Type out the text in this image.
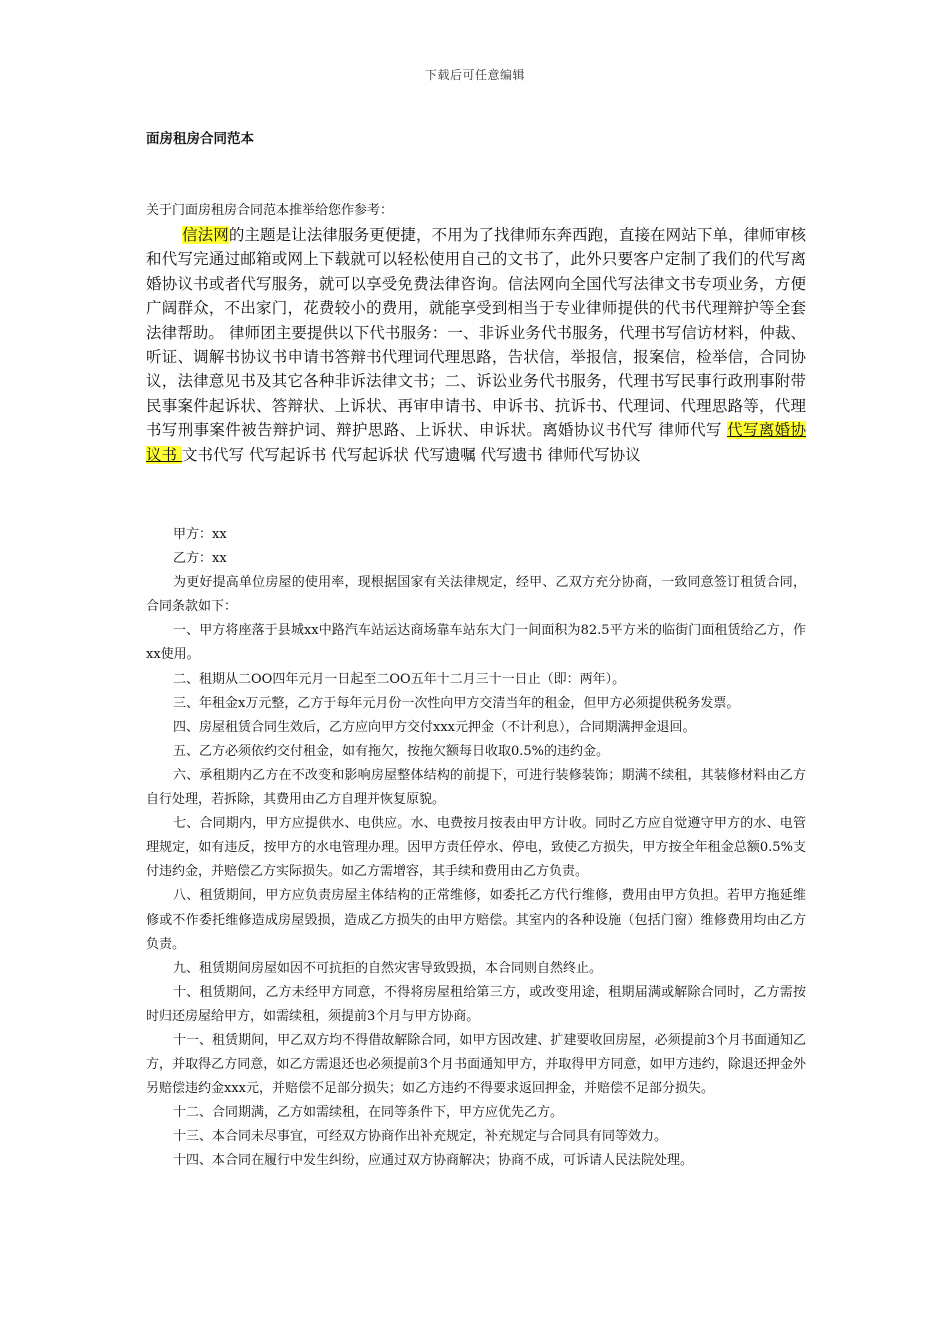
下载后可任意编辑
面房租房合同范本
关于门面房租房合同范本推举给您作参考：
信法网的主题是让法律服务更便捷，不用为了找律师东奔西跑，直接在网站下单，律师审核和代写完通过邮箱或网上下载就可以轻松使用自己的文书了，此外只要客户定制了我们的代写离婚协议书或者代写服务，就可以享受免费法律咨询。信法网向全国代写法律文书专项业务，方便广阔群众，不出家门，花费较小的费用，就能享受到相当于专业律师提供的代书代理辩护等全套法律帮助。 律师团主要提供以下代书服务：一、非诉业务代书服务，代理书写信访材料，仲裁、听证、调解书协议书申请书答辩书代理词代理思路，告状信，举报信，报案信，检举信，合同协议，法律意见书及其它各种非诉法律文书；二、诉讼业务代书服务，代理书写民事行政刑事附带民事案件起诉状、答辩状、上诉状、再审申请书、申诉书、抗诉书、代理词、代理思路等，代理书写刑事案件被告辩护词、辩护思路、上诉状、申诉状。离婚协议书代写 律师代写 代写离婚协议书 文书代写 代写起诉书 代写起诉状 代写遗嘱 代写遗书 律师代写协议

甲方：xx

乙方：xx

为更好提高单位房屋的使用率，现根据国家有关法律规定，经甲、乙双方充分协商，一致同意签订租赁合同，合同条款如下：

一、甲方将座落于县城xx中路汽车站运达商场靠车站东大门一间面积为82.5平方米的临街门面租赁给乙方，作xx使用。

二、租期从二OO四年元月一日起至二OO五年十二月三十一日止（即：两年）。

三、年租金x万元整，乙方于每年元月份一次性向甲方交清当年的租金，但甲方必须提供税务发票。

四、房屋租赁合同生效后，乙方应向甲方交付xxx元押金（不计利息），合同期满押金退回。

五、乙方必须依约交付租金，如有拖欠，按拖欠额每日收取0.5%的违约金。

六、承租期内乙方在不改变和影响房屋整体结构的前提下，可进行装修装饰；期满不续租，其装修材料由乙方自行处理，若拆除，其费用由乙方自理并恢复原貌。

七、合同期内，甲方应提供水、电供应。水、电费按月按表由甲方计收。同时乙方应自觉遵守甲方的水、电管理规定，如有违反，按甲方的水电管理办理。因甲方责任停水、停电，致使乙方损失，甲方按全年租金总额0.5%支付违约金，并赔偿乙方实际损失。如乙方需增容，其手续和费用由乙方负责。

八、租赁期间，甲方应负责房屋主体结构的正常维修，如委托乙方代行维修，费用由甲方负担。若甲方拖延维修或不作委托维修造成房屋毁损，造成乙方损失的由甲方赔偿。其室内的各种设施（包括门窗）维修费用均由乙方负责。

九、租赁期间房屋如因不可抗拒的自然灾害导致毁损，本合同则自然终止。

十、租赁期间，乙方未经甲方同意，不得将房屋租给第三方，或改变用途，租期届满或解除合同时，乙方需按时归还房屋给甲方，如需续租，须提前3个月与甲方协商。

十一、租赁期间，甲乙双方均不得借故解除合同，如甲方因改建、扩建要收回房屋，必须提前3个月书面通知乙方，并取得乙方同意，如乙方需退还也必须提前3个月书面通知甲方，并取得甲方同意，如甲方违约，除退还押金外另赔偿违约金xxx元，并赔偿不足部分损失；如乙方违约不得要求返回押金，并赔偿不足部分损失。

十二、合同期满，乙方如需续租，在同等条件下，甲方应优先乙方。

十三、本合同未尽事宜，可经双方协商作出补充规定，补充规定与合同具有同等效力。

十四、本合同在履行中发生纠纷，应通过双方协商解决；协商不成，可诉请人民法院处理。
